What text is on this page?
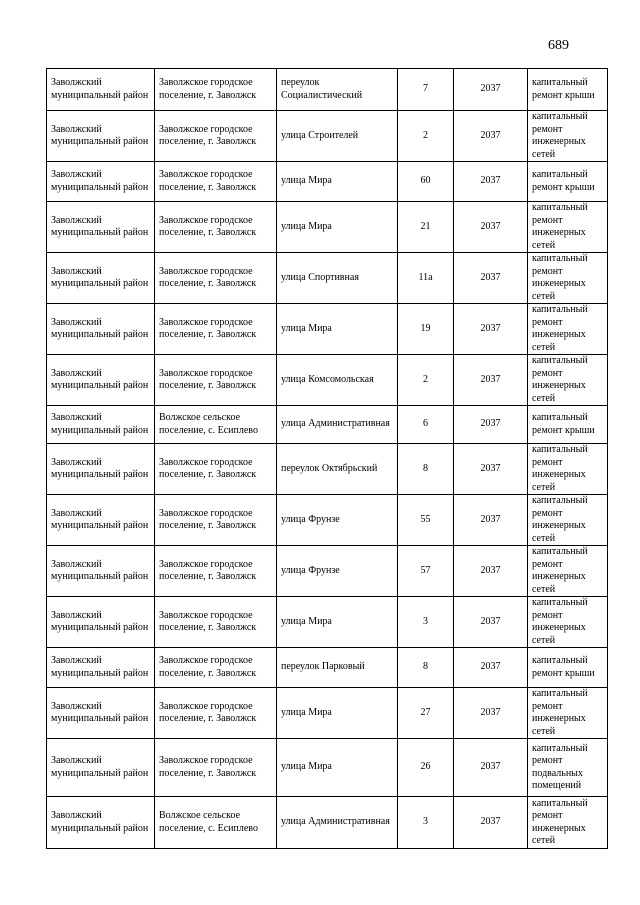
689
Заволжский муниципальный район	Заволжское городское поселение, г. Заволжск	переулок Социалистический	7	2037	капитальный ремонт крыши
Заволжский муниципальный район	Заволжское городское поселение, г. Заволжск	улица Строителей	2	2037	капитальный ремонт инженерных сетей
Заволжский муниципальный район	Заволжское городское поселение, г. Заволжск	улица Мира	60	2037	капитальный ремонт крыши
Заволжский муниципальный район	Заволжское городское поселение, г. Заволжск	улица Мира	21	2037	капитальный ремонт инженерных сетей
Заволжский муниципальный район	Заволжское городское поселение, г. Заволжск	улица Спортивная	11а	2037	капитальный ремонт инженерных сетей
Заволжский муниципальный район	Заволжское городское поселение, г. Заволжск	улица Мира	19	2037	капитальный ремонт инженерных сетей
Заволжский муниципальный район	Заволжское городское поселение, г. Заволжск	улица Комсомольская	2	2037	капитальный ремонт инженерных сетей
Заволжский муниципальный район	Волжское сельское поселение, с. Есиплево	улица Административная	6	2037	капитальный ремонт крыши
Заволжский муниципальный район	Заволжское городское поселение, г. Заволжск	переулок Октябрьский	8	2037	капитальный ремонт инженерных сетей
Заволжский муниципальный район	Заволжское городское поселение, г. Заволжск	улица Фрунзе	55	2037	капитальный ремонт инженерных сетей
Заволжский муниципальный район	Заволжское городское поселение, г. Заволжск	улица Фрунзе	57	2037	капитальный ремонт инженерных сетей
Заволжский муниципальный район	Заволжское городское поселение, г. Заволжск	улица Мира	3	2037	капитальный ремонт инженерных сетей
Заволжский муниципальный район	Заволжское городское поселение, г. Заволжск	переулок Парковый	8	2037	капитальный ремонт крыши
Заволжский муниципальный район	Заволжское городское поселение, г. Заволжск	улица Мира	27	2037	капитальный ремонт инженерных сетей
Заволжский муниципальный район	Заволжское городское поселение, г. Заволжск	улица Мира	26	2037	капитальный ремонт подвальных помещений
Заволжский муниципальный район	Волжское сельское поселение, с. Есиплево	улица Административная	3	2037	капитальный ремонт инженерных сетей
